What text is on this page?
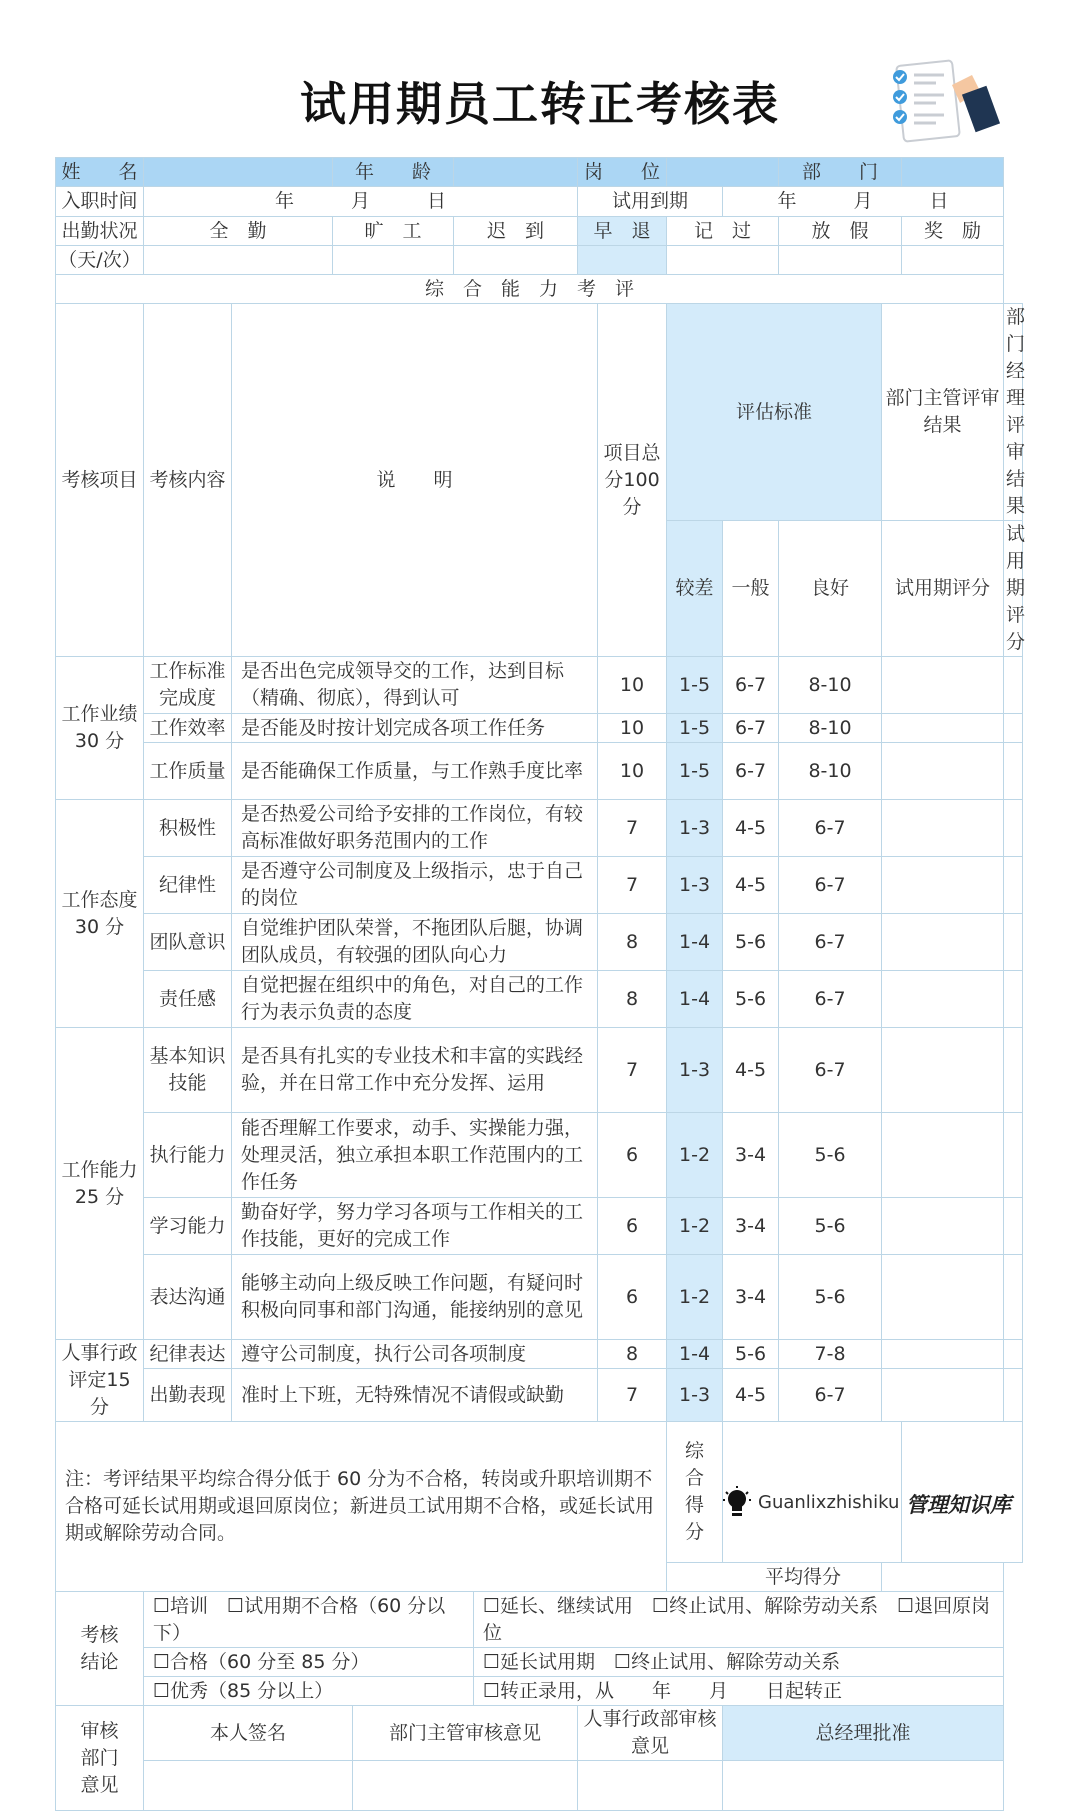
试用期员工转正考核表
姓　　名			年　　龄				岗　　位				部　　门			
入职时间	年　　　月　　　日						试用到期			年　　　月　　　日				
出勤状况	全　勤		旷　工		迟　到		早　退		记　过		放　假		奖　励	
（天/次）														
综　合　能　力　考　评														
考核项目	考核内容	说　　明						项目总分100 分	评估标准			部门主管评审结果		部门经理评审结果
									较差	一般	良好	试用期评分		试用期评分
工作业绩30 分	工作标准完成度	是否出色完成领导交的工作，达到目标（精确、彻底），得到认可						10	1-5	6-7	8-10			
	工作效率	是否能及时按计划完成各项工作任务						10	1-5	6-7	8-10			
	工作质量	是否能确保工作质量，与工作熟手度比率						10	1-5	6-7	8-10			
工作态度30 分	积极性	是否热爱公司给予安排的工作岗位，有较高标准做好职务范围内的工作						7	1-3	4-5	6-7			
	纪律性	是否遵守公司制度及上级指示，忠于自己的岗位						7	1-3	4-5	6-7			
	团队意识	自觉维护团队荣誉，不拖团队后腿，协调团队成员，有较强的团队向心力						8	1-4	5-6	6-7			
	责任感	自觉把握在组织中的角色，对自己的工作行为表示负责的态度						8	1-4	5-6	6-7			
工作能力25 分	基本知识技能	是否具有扎实的专业技术和丰富的实践经验，并在日常工作中充分发挥、运用						7	1-3	4-5	6-7			
	执行能力	能否理解工作要求，动手、实操能力强，处理灵活，独立承担本职工作范围内的工作任务						6	1-2	3-4	5-6			
	学习能力	勤奋好学，努力学习各项与工作相关的工作技能，更好的完成工作						6	1-2	3-4	5-6			
	表达沟通	能够主动向上级反映工作问题，有疑问时积极向同事和部门沟通，能接纳别的意见						6	1-2	3-4	5-6			
人事行政评定15 分	纪律表达	遵守公司制度，执行公司各项制度						8	1-4	5-6	7-8			
	出勤表现	准时上下班，无特殊情况不请假或缺勤						7	1-3	4-5	6-7			
注：考评结果平均综合得分低于 60 分为不合格，转岗或升职培训期不合格可延长试用期或退回原岗位；新进员工试用期不合格，或延长试用期或解除劳动合同。									综合得分					
									平均得分					
考核结论	☐培训　☐试用期不合格（60 分以下）					☐延长、继续试用　☐终止试用、解除劳动关系　☐退回原岗位								
	☐合格（60 分至 85 分）					☐延长试用期　☐终止试用、解除劳动关系								
	☐优秀（85 分以上）					☐转正录用，从　　年　　月　　日起转正								
审核部门意见	本人签名			部门主管审核意见			人事行政部审核意见			总经理批准				

Guanlixzhishiku 管理知识库
